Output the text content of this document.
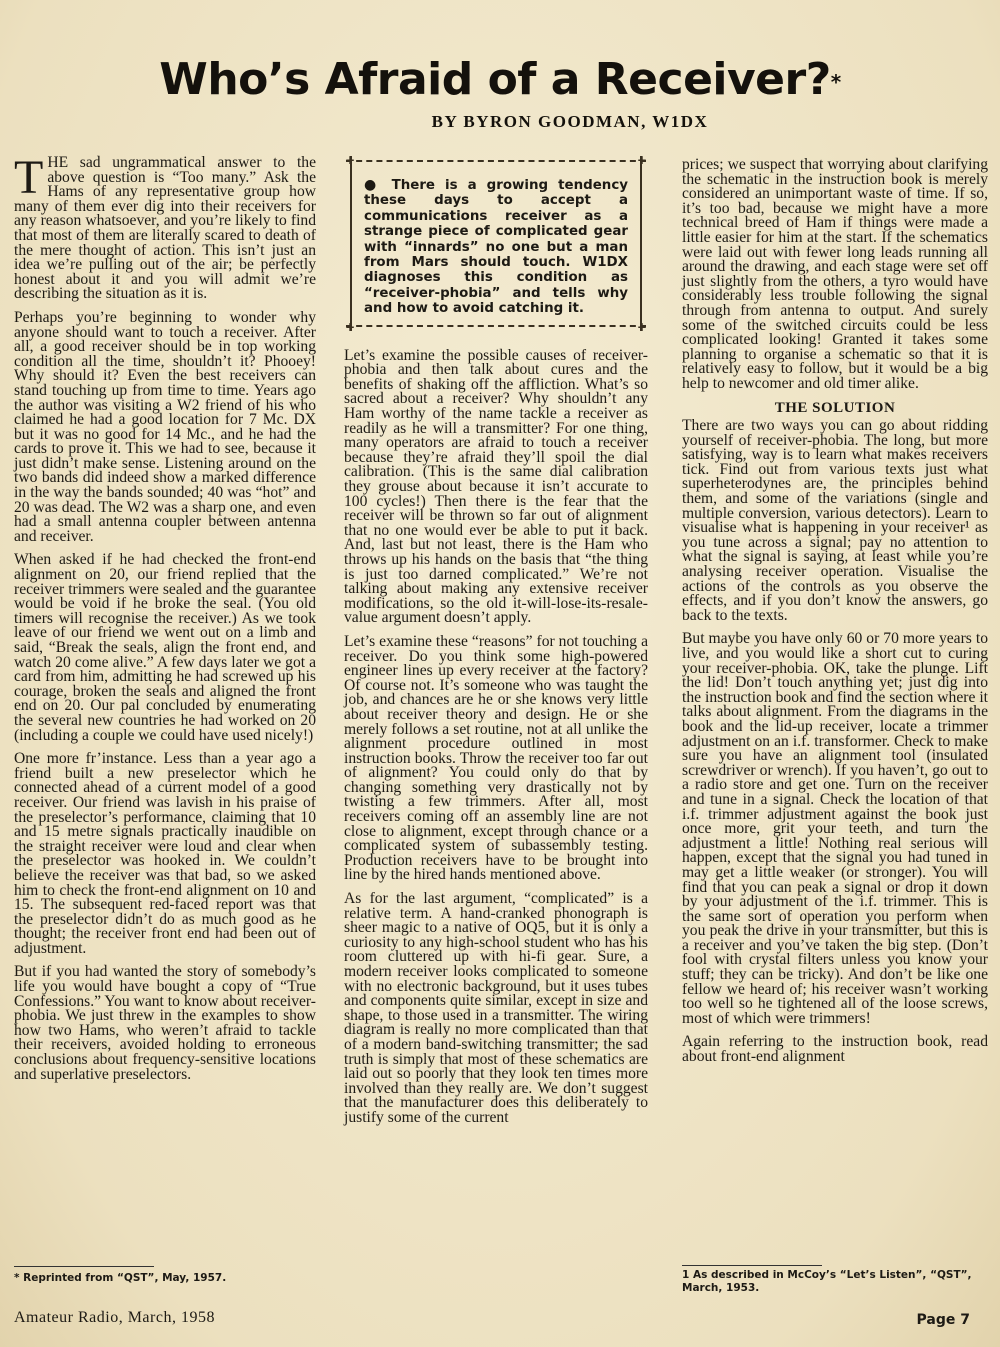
Who’s Afraid of a Receiver?*
BY BYRON GOODMAN, W1DX

THE sad ungrammatical answer to the above question is “Too many.” Ask the Hams of any representative group how many of them ever dig into their receivers for any reason whatsoever, and you’re likely to find that most of them are literally scared to death of the mere thought of action. This isn’t just an idea we’re pulling out of the air; be perfectly honest about it and you will admit we’re describing the situation as it is.

Perhaps you’re beginning to wonder why anyone should want to touch a receiver. After all, a good receiver should be in top working condition all the time, shouldn’t it? Phooey! Why should it? Even the best receivers can stand touching up from time to time. Years ago the author was visiting a W2 friend of his who claimed he had a good location for 7 Mc. DX but it was no good for 14 Mc., and he had the cards to prove it. This we had to see, because it just didn’t make sense. Listening around on the two bands did indeed show a marked difference in the way the bands sounded; 40 was “hot” and 20 was dead. The W2 was a sharp one, and even had a small antenna coupler between antenna and receiver.

When asked if he had checked the front-end alignment on 20, our friend replied that the receiver trimmers were sealed and the guarantee would be void if he broke the seal. (You old timers will recognise the receiver.) As we took leave of our friend we went out on a limb and said, “Break the seals, align the front end, and watch 20 come alive.” A few days later we got a card from him, admitting he had screwed up his courage, broken the seals and aligned the front end on 20. Our pal concluded by enumerating the several new countries he had worked on 20 (including a couple we could have used nicely!)

One more fr’instance. Less than a year ago a friend built a new preselector which he connected ahead of a current model of a good receiver. Our friend was lavish in his praise of the preselector’s performance, claiming that 10 and 15 metre signals practically inaudible on the straight receiver were loud and clear when the preselector was hooked in. We couldn’t believe the receiver was that bad, so we asked him to check the front-end alignment on 10 and 15. The subsequent red-faced report was that the preselector didn’t do as much good as he thought; the receiver front end had been out of adjustment.

But if you had wanted the story of somebody’s life you would have bought a copy of “True Confessions.” You want to know about receiver-phobia. We just threw in the examples to show how two Hams, who weren’t afraid to tackle their receivers, avoided holding to erroneous conclusions about frequency-sensitive locations and superlative preselectors.

+	+
+	+
● There is a growing tendency these days to accept a communications receiver as a strange piece of complicated gear with “innards” no one but a man from Mars should touch. W1DX diagnoses this condition as “receiver-phobia” and tells why and how to avoid catching it.

Let’s examine the possible causes of receiver-phobia and then talk about cures and the benefits of shaking off the affliction. What’s so sacred about a receiver? Why shouldn’t any Ham worthy of the name tackle a receiver as readily as he will a transmitter? For one thing, many operators are afraid to touch a receiver because they’re afraid they’ll spoil the dial calibration. (This is the same dial calibration they grouse about because it isn’t accurate to 100 cycles!) Then there is the fear that the receiver will be thrown so far out of alignment that no one would ever be able to put it back. And, last but not least, there is the Ham who throws up his hands on the basis that “the thing is just too darned complicated.” We’re not talking about making any extensive receiver modifications, so the old it-will-lose-its-resale-value argument doesn’t apply.

Let’s examine these “reasons” for not touching a receiver. Do you think some high-powered engineer lines up every receiver at the factory? Of course not. It’s someone who was taught the job, and chances are he or she knows very little about receiver theory and design. He or she merely follows a set routine, not at all unlike the alignment procedure outlined in most instruction books. Throw the receiver too far out of alignment? You could only do that by changing something very drastically not by twisting a few trimmers. After all, most receivers coming off an assembly line are not close to alignment, except through chance or a complicated system of subassembly testing. Production receivers have to be brought into line by the hired hands mentioned above.

As for the last argument, “complicated” is a relative term. A hand-cranked phonograph is sheer magic to a native of OQ5, but it is only a curiosity to any high-school student who has his room cluttered up with hi-fi gear. Sure, a modern receiver looks complicated to someone with no electronic background, but it uses tubes and components quite similar, except in size and shape, to those used in a transmitter. The wiring diagram is really no more complicated than that of a modern band-switching transmitter; the sad truth is simply that most of these schematics are laid out so poorly that they look ten times more involved than they really are. We don’t suggest that the manufacturer does this deliberately to justify some of the current

prices; we suspect that worrying about clarifying the schematic in the instruction book is merely considered an unimportant waste of time. If so, it’s too bad, because we might have a more technical breed of Ham if things were made a little easier for him at the start. If the schematics were laid out with fewer long leads running all around the drawing, and each stage were set off just slightly from the others, a tyro would have considerably less trouble following the signal through from antenna to output. And surely some of the switched circuits could be less complicated looking! Granted it takes some planning to organise a schematic so that it is relatively easy to follow, but it would be a big help to newcomer and old timer alike.

THE SOLUTION

There are two ways you can go about ridding yourself of receiver-phobia. The long, but more satisfying, way is to learn what makes receivers tick. Find out from various texts just what superheterodynes are, the principles behind them, and some of the variations (single and multiple conversion, various detectors). Learn to visualise what is happening in your receiver¹ as you tune across a signal; pay no attention to what the signal is saying, at least while you’re analysing receiver operation. Visualise the actions of the controls as you observe the effects, and if you don’t know the answers, go back to the texts.

But maybe you have only 60 or 70 more years to live, and you would like a short cut to curing your receiver-phobia. OK, take the plunge. Lift the lid! Don’t touch anything yet; just dig into the instruction book and find the section where it talks about alignment. From the diagrams in the book and the lid-up receiver, locate a trimmer adjustment on an i.f. transformer. Check to make sure you have an alignment tool (insulated screwdriver or wrench). If you haven’t, go out to a radio store and get one. Turn on the receiver and tune in a signal. Check the location of that i.f. trimmer adjustment against the book just once more, grit your teeth, and turn the adjustment a little! Nothing real serious will happen, except that the signal you had tuned in may get a little weaker (or stronger). You will find that you can peak a signal or drop it down by your adjustment of the i.f. trimmer. This is the same sort of operation you perform when you peak the drive in your transmitter, but this is a receiver and you’ve taken the big step. (Don’t fool with crystal filters unless you know your stuff; they can be tricky). And don’t be like one fellow we heard of; his receiver wasn’t working too well so he tightened all of the loose screws, most of which were trimmers!

Again referring to the instruction book, read about front-end alignment

* Reprinted from “QST”, May, 1957.	1 As described in McCoy’s “Let’s Listen”, “QST”, March, 1953.
Amateur Radio, March, 1958	Page 7
